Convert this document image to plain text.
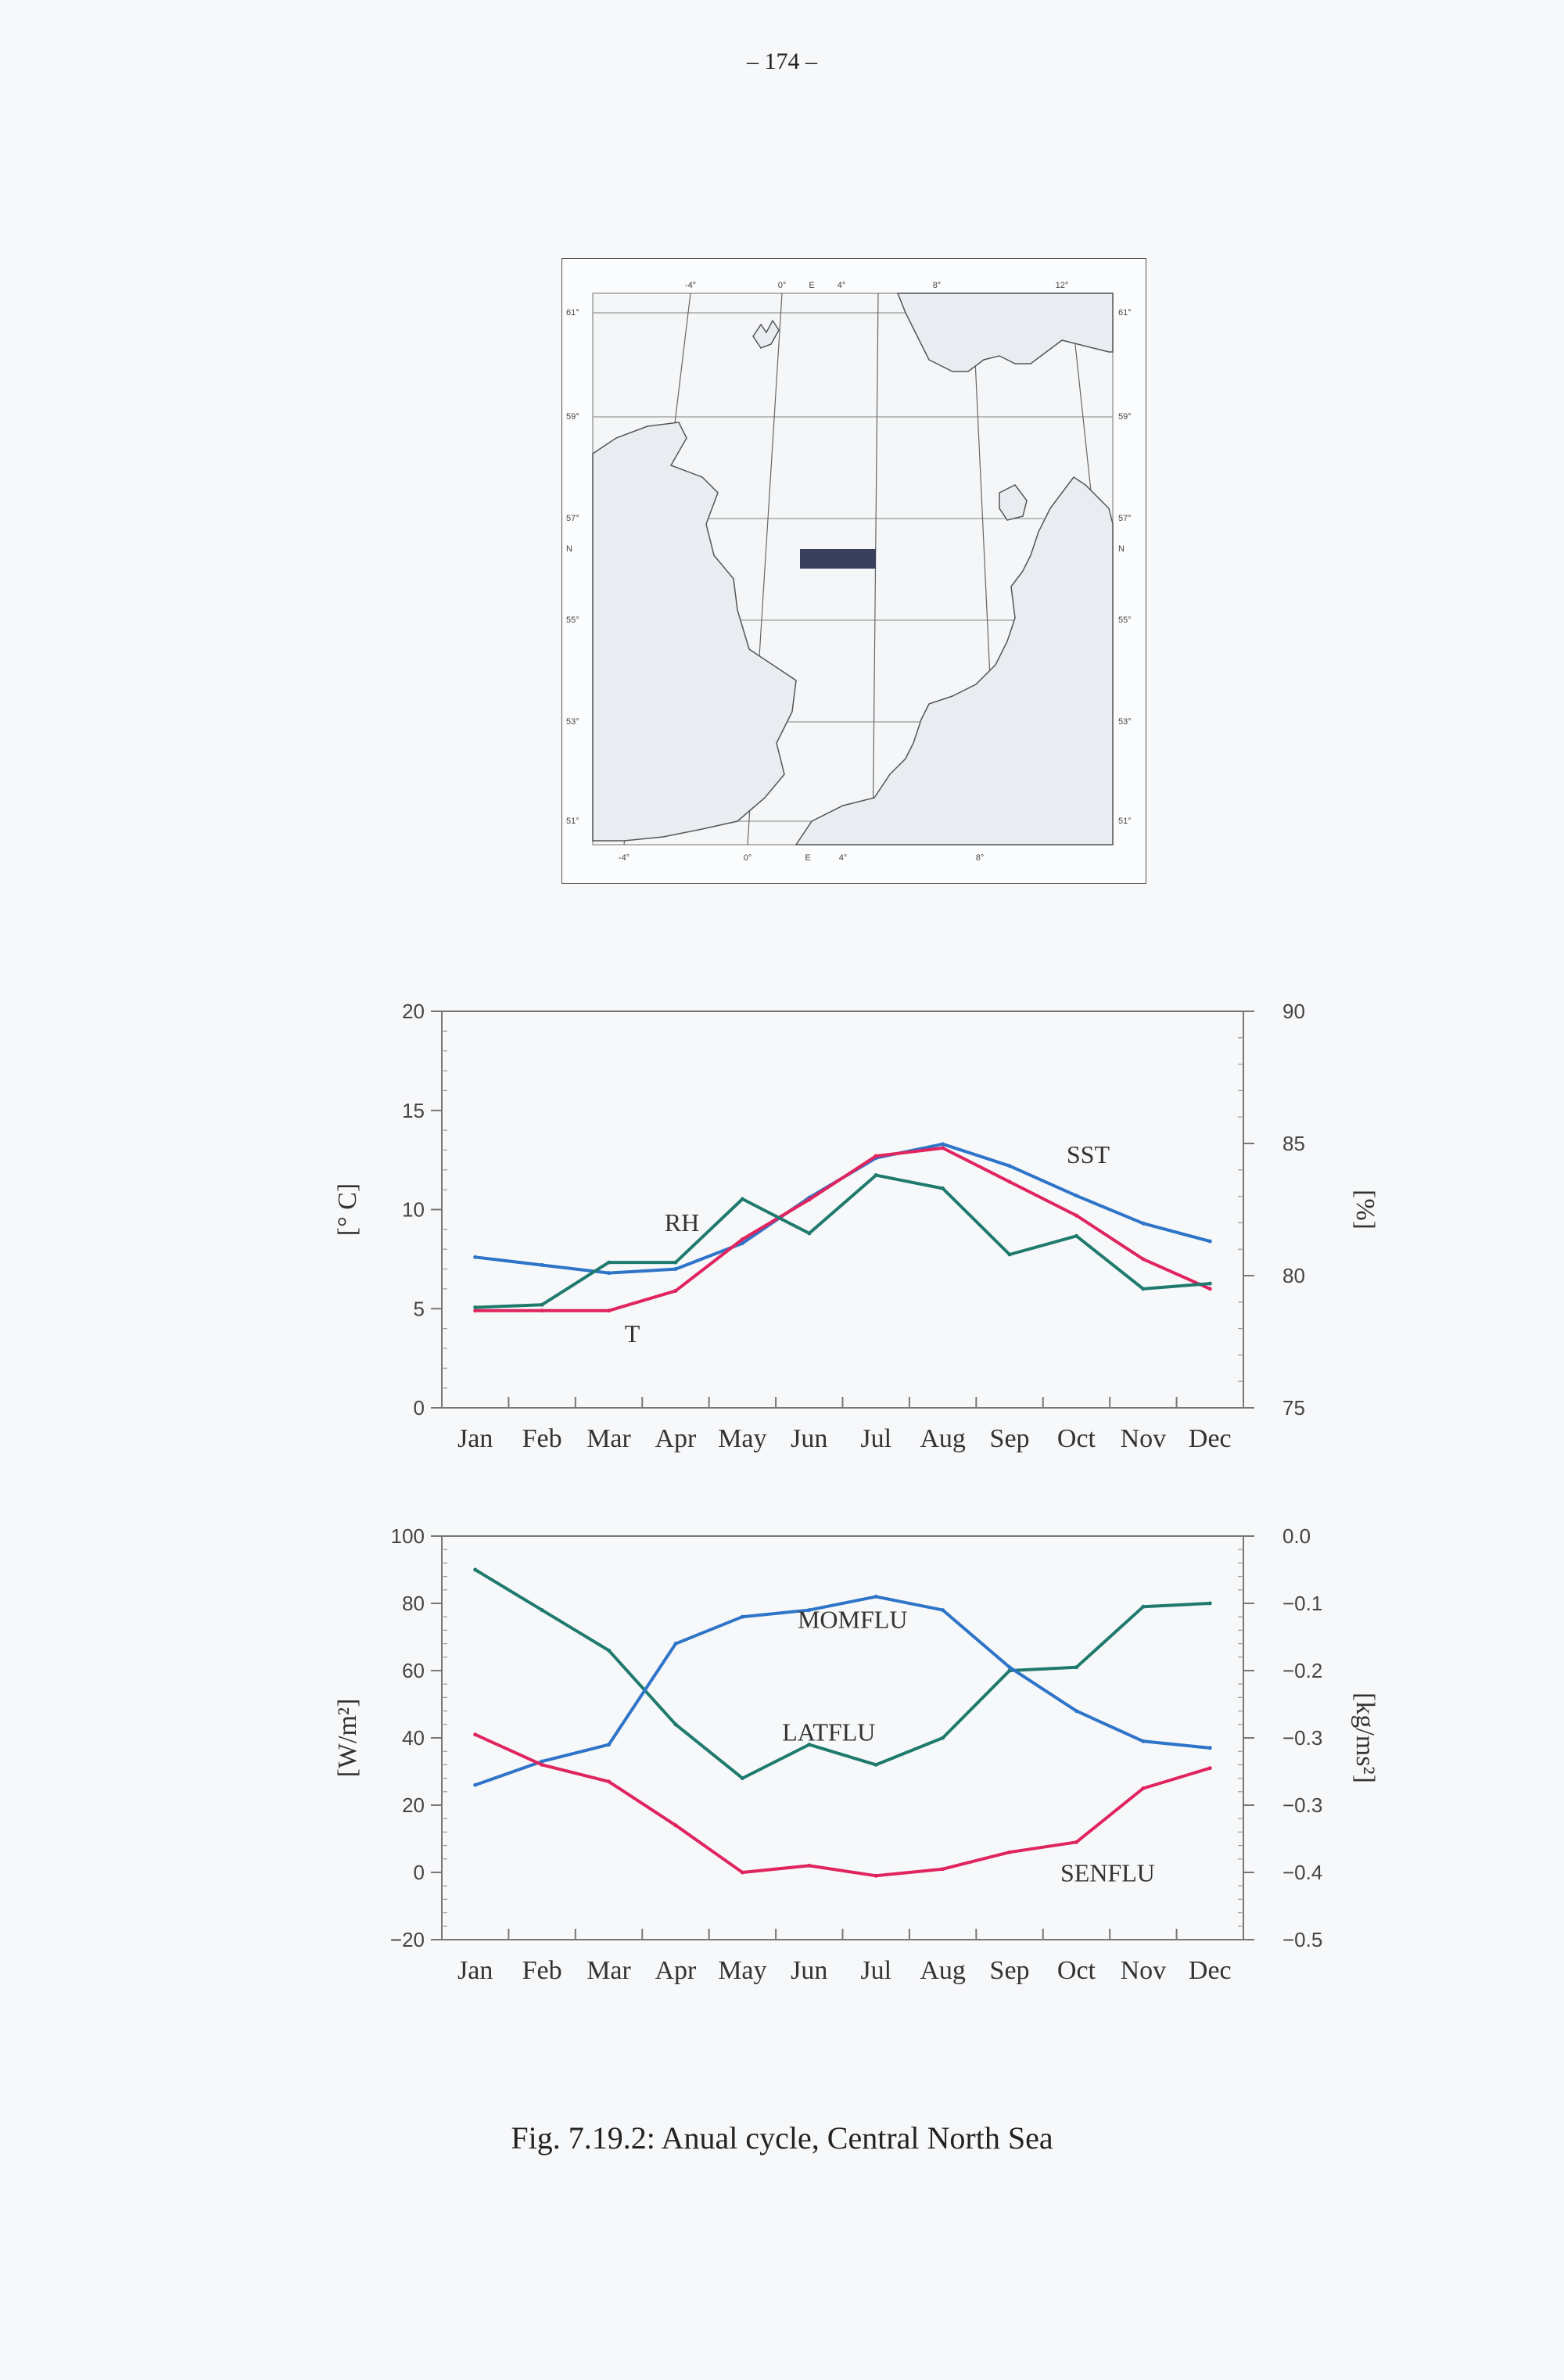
– 174 –
-4°	0°	E	4°	8°	12°
-4°	0°	E	4°	8°
61°
59°
57°
N
55°
53°
51°
61°
59°
57°
N
55°
53°
51°
0
5
10
15
20
75
80
85
90
Jan Feb Mar Apr May Jun Jul Aug Sep Oct Nov Dec
[° C]	[%]
SST
T
RH
−20
0
20
40
60
80
100
−0.5
−0.4
−0.3
−0.3
−0.2
−0.1
0.0
Jan Feb Mar Apr May Jun Jul Aug Sep Oct Nov Dec
[W/m²]	[kg/ms²]
LATFLU
MOMFLU
SENFLU
Fig. 7.19.2: Anual cycle, Central North Sea
